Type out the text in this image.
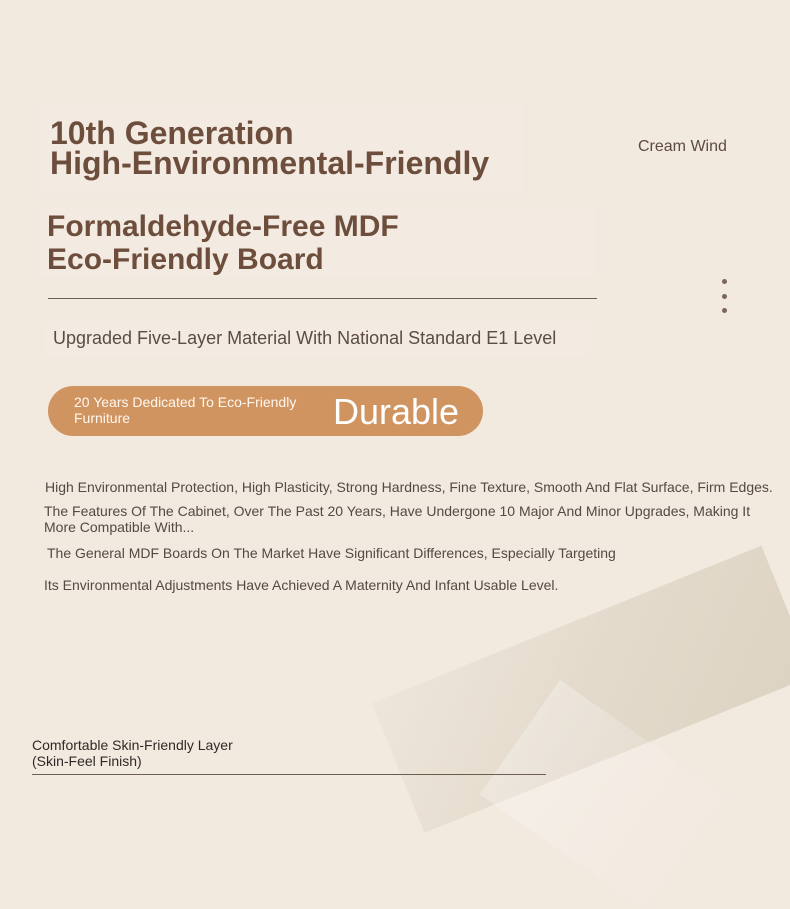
10th Generation
High-Environmental-Friendly	Cream Wind
Formaldehyde-Free MDF
Eco-Friendly Board
Upgraded Five-Layer Material With National Standard E1 Level
20 Years Dedicated To Eco-Friendly
Furniture	Durable
High Environmental Protection, High Plasticity, Strong Hardness, Fine Texture, Smooth And Flat Surface, Firm Edges.
The Features Of The Cabinet, Over The Past 20 Years, Have Undergone 10 Major And Minor Upgrades, Making It More Compatible With...
The General MDF Boards On The Market Have Significant Differences, Especially Targeting
Its Environmental Adjustments Have Achieved A Maternity And Infant Usable Level.
Comfortable Skin-Friendly Layer
(Skin-Feel Finish)
